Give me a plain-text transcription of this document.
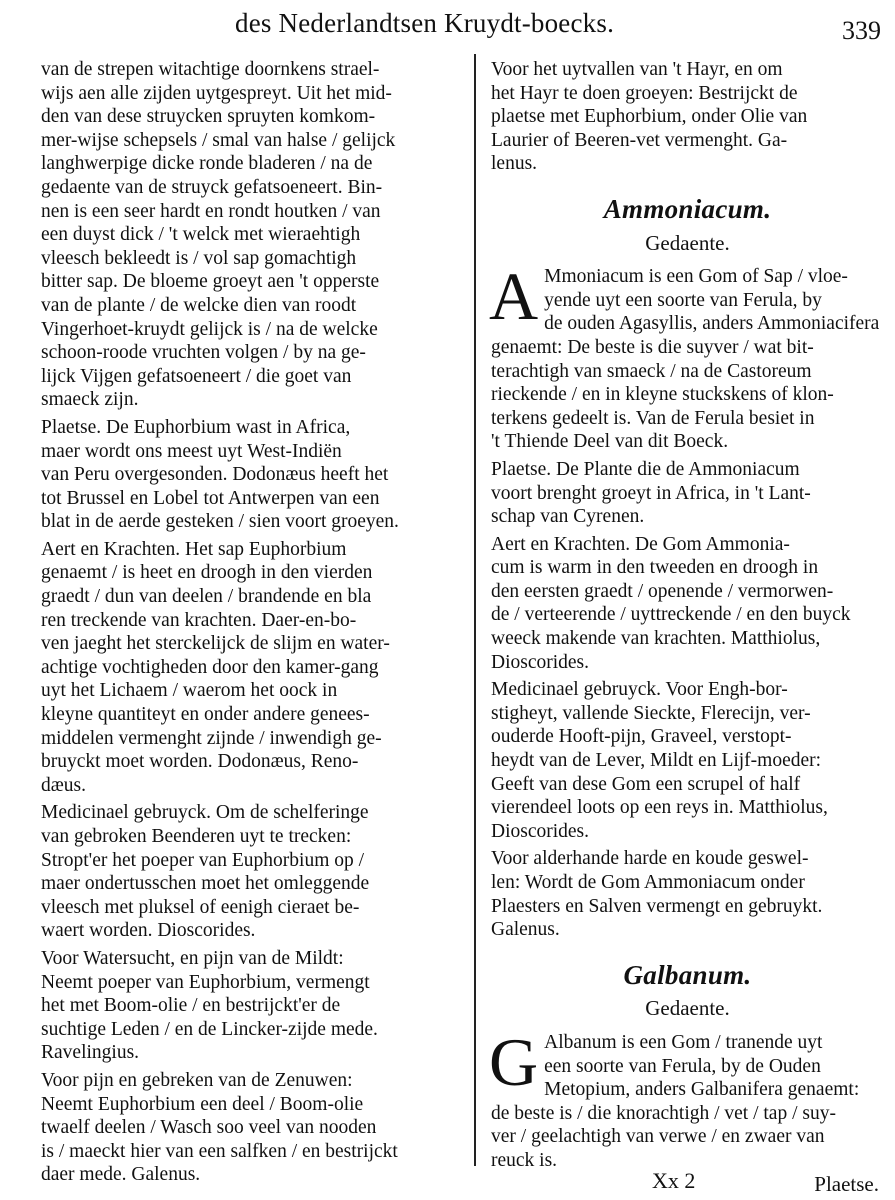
des Nederlandtsen Kruydt-boecks.	339
van de strepen witachtige doornkens strael-
wijs aen alle zijden uytgesprеyt. Uit het mid-
den van dese struycken spruyten komkom-
mer-wijse schepsels / smal van halse / gelijck
langhwerpige dicke ronde bladeren / na de
gedaente van de struyck gefatsoeneert. Bin-
nen is een seer hardt en rondt houtken / van
een duyst dick / 't welck met wieraehtigh
vleesch bekleedt is / vol sap gomachtigh
bitter sap. De bloeme groeyt aen 't opperste
van de plante / de welcke dien van roodt
Vingerhoet-kruydt gelijck is / na de welcke
schoon-roode vruchten volgen / by na ge-
lijck Vijgen gefatsoeneert / die goet van
smaeck zijn.
Plaetse. De Euphorbium wast in Africa,
maer wordt ons meest uyt West-Indiën
van Peru overgesonden. Dodonæus heeft het
tot Brussel en Lobel tot Antwerpen van een
blat in de aerde gesteken / sien voort groeyen.
Aert en Krachten. Het sap Euphorbium
genaemt / is heet en droogh in den vierden
graedt / dun van deelen / brandende en bla
ren treckende van krachten. Daer-en-bo-
ven jaeght het sterckelijck de slijm en water-
achtige vochtigheden door den kamer-gang
uyt het Lichaem / waerom het oock in
kleyne quantiteyt en onder andere genees-
middelen vermenght zijnde / inwendigh ge-
bruyckt moet worden. Dodonæus, Reno-
dæus.
Medicinael gebruyck. Om de schelferinge
van gebroken Beenderen uyt te trecken:
Stropt'er het poeper van Euphorbium op /
maer ondertusschen moet het omleggende
vleesch met pluksel of eenigh cieraet be-
waert worden. Dioscorides.
Voor Watersucht, en pijn van de Mildt:
Neemt poeper van Euphorbium, vermengt
het met Boom-olie / en bestrijckt'er de
suchtige Leden / en de Lincker-zijde mede.
Ravelingius.
Voor pijn en gebreken van de Zenuwen:
Neemt Euphorbium een deel / Boom-olie
twaelf deelen / Wasch soo veel van nooden
is / maeckt hier van een salfken / en bestrijckt
daer mede. Galenus.
Voor het uytvallen van 't Hayr, en om
het Hayr te doen groeyen: Bestrijckt de
plaetse met Euphorbium, onder Olie van
Laurier of Beeren-vet vermenght. Ga-
lenus.
Ammoniacum.
Gedaente.
A Mmoniacum is een Gom of Sap / vloe-
yende uyt een soorte van Ferula, by
de ouden Agasyllis, anders Ammoniacifera
genaemt: De beste is die suyver / wat bit-
terachtigh van smaeck / na de Castoreum
rieckende / en in kleyne stuckskens of klon-
terkens gedeelt is. Van de Ferula besiet in
't Thiende Deel van dit Boeck.
Plaetse. De Plante die de Ammoniacum
voort brenght groeyt in Africa, in 't Lant-
schap van Cyrenen.
Aert en Krachten. De Gom Ammonia-
cum is warm in den tweeden en droogh in
den eersten graedt / openende / vermorwen-
de / verteerende / uyttreckende / en den buyck
weeck makende van krachten. Matthiolus,
Dioscorides.
Medicinael gebruyck. Voor Engh-bor-
stigheyt, vallende Sieckte, Flerecijn, ver-
ouderde Hooft-pijn, Graveel, verstopt-
heydt van de Lever, Mildt en Lijf-moeder:
Geeft van dese Gom een scrupel of half
vierendeel loots op een reys in. Matthiolus,
Dioscorides.
Voor alderhande harde en koude geswel-
len: Wordt de Gom Ammoniacum onder
Plaesters en Salven vermengt en gebruykt.
Galenus.
Galbanum.
Gedaente.
G Albanum is een Gom / tranende uyt
een soorte van Ferula, by de Ouden
Metopium, anders Galbanifera genaemt:
de beste is / die knorachtigh / vet / tap / suy-
ver / geelachtigh van verwe / en zwaer van
reuck is.
Xx 2	Plaetse.
